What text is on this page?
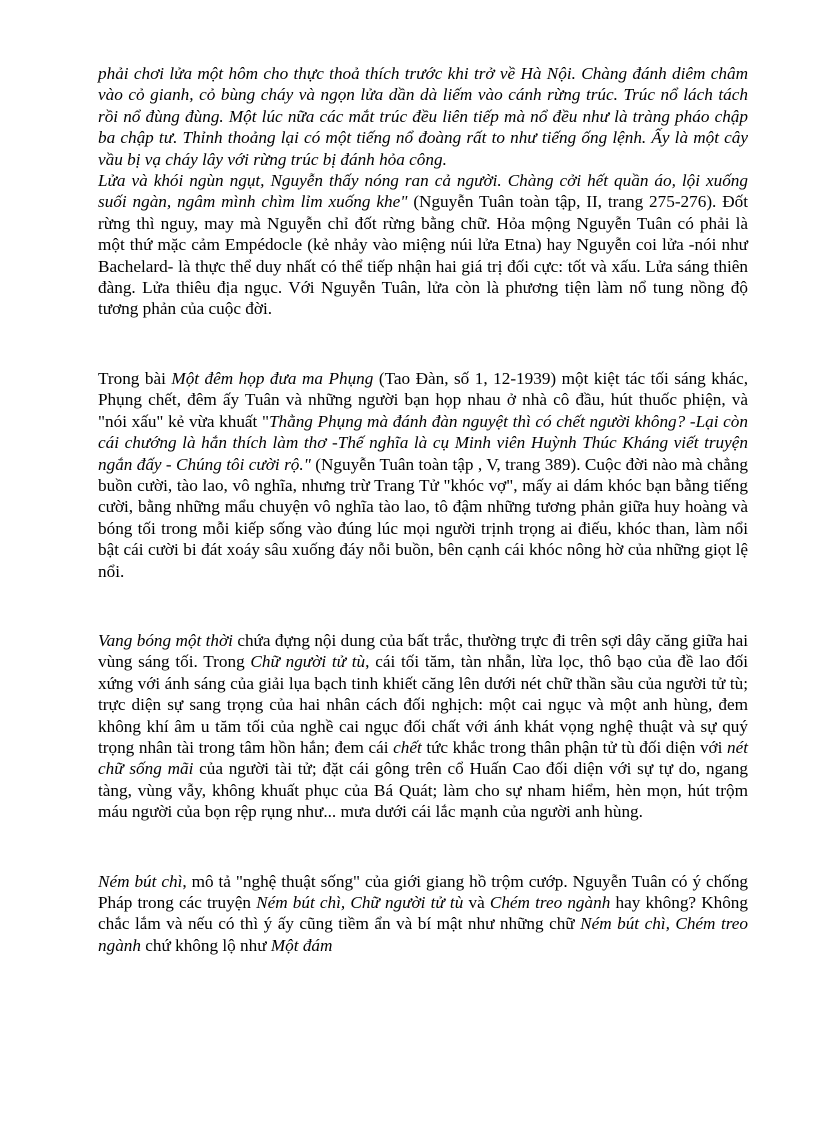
phải chơi lửa một hôm cho thực thoả thích trước khi trở về Hà Nội. Chàng đánh diêm châm vào cỏ gianh, cỏ bùng cháy và ngọn lửa dần dà liếm vào cánh rừng trúc. Trúc nổ lách tách rồi nổ đùng đùng. Một lúc nữa các mắt trúc đều liên tiếp mà nổ đều như là tràng pháo chập ba chập tư. Thỉnh thoảng lại có một tiếng nổ đoàng rất to như tiếng ống lệnh. Ấy là một cây vầu bị vạ cháy lây với rừng trúc bị đánh hỏa công.

Lửa và khói ngùn ngụt, Nguyễn thấy nóng ran cả người. Chàng cởi hết quần áo, lội xuống suối ngàn, ngâm mình chìm lỉm xuống khe" (Nguyễn Tuân toàn tập, II, trang 275-276). Đốt rừng thì nguy, may mà Nguyễn chỉ đốt rừng bằng chữ. Hỏa mộng Nguyễn Tuân có phải là một thứ mặc cảm Empédocle (kẻ nhảy vào miệng núi lửa Etna) hay Nguyễn coi lửa -nói như Bachelard- là thực thể duy nhất có thể tiếp nhận hai giá trị đối cực: tốt và xấu. Lửa sáng thiên đàng. Lửa thiêu địa ngục. Với Nguyễn Tuân, lửa còn là phương tiện làm nổ tung nồng độ tương phản của cuộc đời.

Trong bài Một đêm họp đưa ma Phụng (Tao Đàn, số 1, 12-1939) một kiệt tác tối sáng khác, Phụng chết, đêm ấy Tuân và những người bạn họp nhau ở nhà cô đầu, hút thuốc phiện, và "nói xấu" kẻ vừa khuất "Thằng Phụng mà đánh đàn nguyệt thì có chết người không? -Lại còn cái chướng là hắn thích làm thơ -Thế nghĩa là cụ Minh viên Huỳnh Thúc Kháng viết truyện ngắn đấy - Chúng tôi cười rộ." (Nguyễn Tuân toàn tập , V, trang 389). Cuộc đời nào mà chẳng buồn cười, tào lao, vô nghĩa, nhưng trừ Trang Tử "khóc vợ", mấy ai dám khóc bạn bằng tiếng cười, bằng những mẩu chuyện vô nghĩa tào lao, tô đậm những tương phản giữa huy hoàng và bóng tối trong mỗi kiếp sống vào đúng lúc mọi người trịnh trọng ai điếu, khóc than, làm nổi bật cái cười bi đát xoáy sâu xuống đáy nỗi buồn, bên cạnh cái khóc nông hờ của những giọt lệ nổi.

Vang bóng một thời chứa đựng nội dung của bất trắc, thường trực đi trên sợi dây căng giữa hai vùng sáng tối. Trong Chữ người tử tù, cái tối tăm, tàn nhẫn, lừa lọc, thô bạo của đề lao đối xứng với ánh sáng của giải lụa bạch tinh khiết căng lên dưới nét chữ thần sầu của người tử tù; trực diện sự sang trọng của hai nhân cách đối nghịch: một cai ngục và một anh hùng, đem không khí âm u tăm tối của nghề cai ngục đối chất với ánh khát vọng nghệ thuật và sự quý trọng nhân tài trong tâm hồn hắn; đem cái chết tức khắc trong thân phận tử tù đối diện với nét chữ sống mãi của người tài tử; đặt cái gông trên cổ Huấn Cao đối diện với sự tự do, ngang tàng, vùng vẫy, không khuất phục của Bá Quát; làm cho sự nham hiểm, hèn mọn, hút trộm máu người của bọn rệp rụng như... mưa dưới cái lắc mạnh của người anh hùng.

Ném bút chì, mô tả "nghệ thuật sống" của giới giang hồ trộm cướp. Nguyễn Tuân có ý chống Pháp trong các truyện Ném bút chì, Chữ người tử tù và Chém treo ngành hay không? Không chắc lắm và nếu có thì ý ấy cũng tiềm ẩn và bí mật như những chữ Ném bút chì, Chém treo ngành chứ không lộ như Một đám
